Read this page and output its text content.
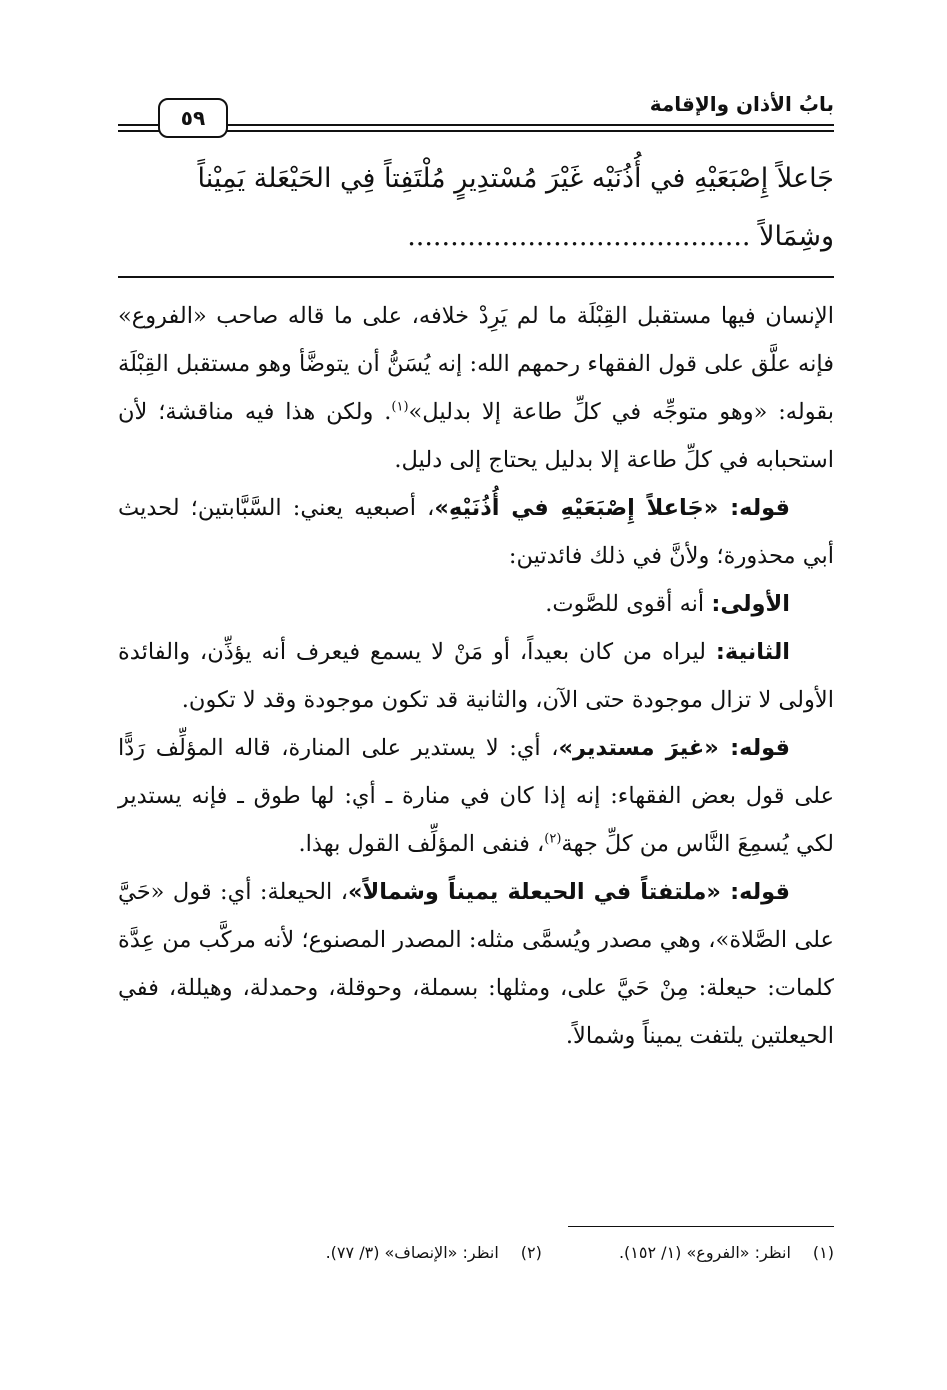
بابُ الأذان والإقامة
٥٩
جَاعلاً إِصْبَعَيْهِ في أُذُنَيْه غَيْرَ مُسْتدِيرٍ مُلْتَفِتاً فِي الحَيْعَلة يَمِيْناً
وشِمَالاً ........................................

الإنسان فيها مستقبل القِبْلَة ما لم يَرِدْ خلافه، على ما قاله صاحب «الفروع» فإنه علَّق على قول الفقهاء رحمهم الله: إنه يُسَنُّ أن يتوضَّأ وهو مستقبل القِبْلَة بقوله: «وهو متوجِّه في كلِّ طاعة إلا بدليل»$^{(١)}$. ولكن هذا فيه مناقشة؛ لأن استحبابه في كلِّ طاعة إلا بدليل يحتاج إلى دليل.

قوله: «جَاعلاً إِصْبَعَيْهِ في أُذُنَيْهِ»، أصبعيه يعني: السَّبَّابتين؛ لحديث أبي محذورة؛ ولأنَّ في ذلك فائدتين:

الأولى: أنه أقوى للصَّوت.

الثانية: ليراه من كان بعيداً، أو مَنْ لا يسمع فيعرف أنه يؤذِّن، والفائدة الأولى لا تزال موجودة حتى الآن، والثانية قد تكون موجودة وقد لا تكون.

قوله: «غيرَ مستدير»، أي: لا يستدير على المنارة، قاله المؤلِّف رَدًّا على قول بعض الفقهاء: إنه إذا كان في منارة ـ أي: لها طوق ـ فإنه يستدير لكي يُسمِعَ النَّاس من كلِّ جهة$^{(٢)}$، فنفى المؤلِّف القول بهذا.

قوله: «ملتفتاً في الحيعلة يميناً وشمالاً»، الحيعلة: أي: قول «حَيَّ على الصَّلاة»، وهي مصدر ويُسمَّى مثله: المصدر المصنوع؛ لأنه مركَّب من عِدَّة كلمات: حيعلة: مِنْ حَيَّ على، ومثلها: بسملة، وحوقلة، وحمدلة، وهيللة، ففي الحيعلتين يلتفت يميناً وشمالاً.

(١)انظر: «الفروع» (١/ ١٥٢). (٢)انظر: «الإنصاف» (٣/ ٧٧).
